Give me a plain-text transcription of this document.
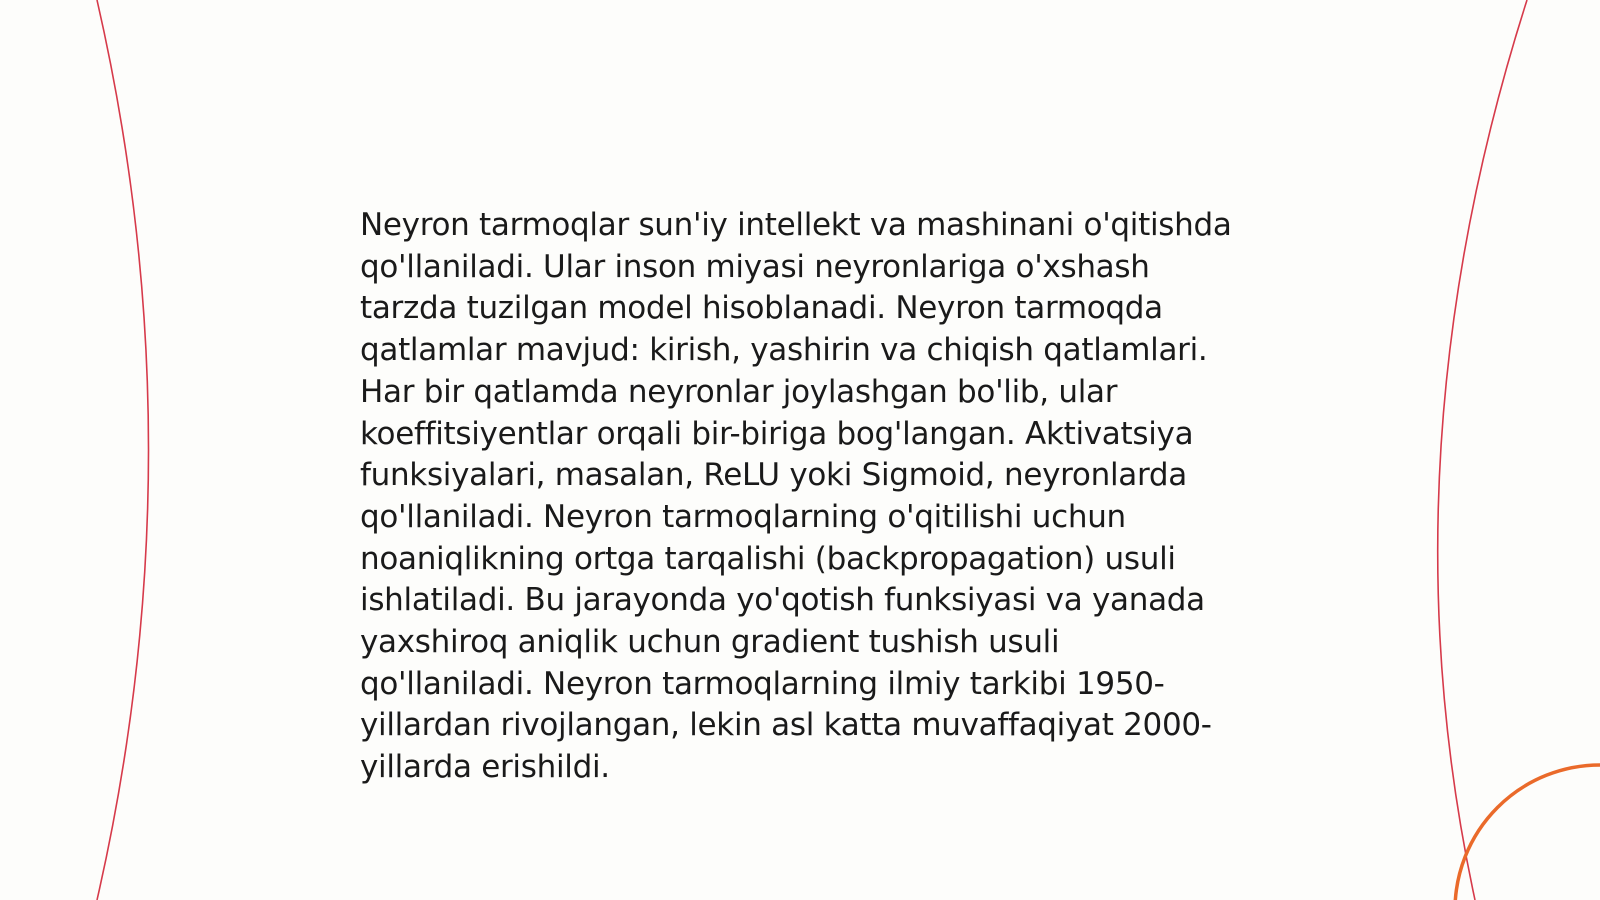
Neyron tarmoqlar sun'iy intellekt va mashinani o'qitishda qo'llaniladi. Ular inson miyasi neyronlariga o'xshash tarzda tuzilgan model hisoblanadi. Neyron tarmoqda qatlamlar mavjud: kirish, yashirin va chiqish qatlamlari. Har bir qatlamda neyronlar joylashgan bo'lib, ular koeffitsiyentlar orqali bir-biriga bog'langan. Aktivatsiya funksiyalari, masalan, ReLU yoki Sigmoid, neyronlarda qo'llaniladi. Neyron tarmoqlarning o'qitilishi uchun noaniqlikning ortga tarqalishi (backpropagation) usuli ishlatiladi. Bu jarayonda yo'qotish funksiyasi va yanada yaxshiroq aniqlik uchun gradient tushish usuli qo'llaniladi. Neyron tarmoqlarning ilmiy tarkibi 1950-yillardan rivojlangan, lekin asl katta muvaffaqiyat 2000-yillarda erishildi.
